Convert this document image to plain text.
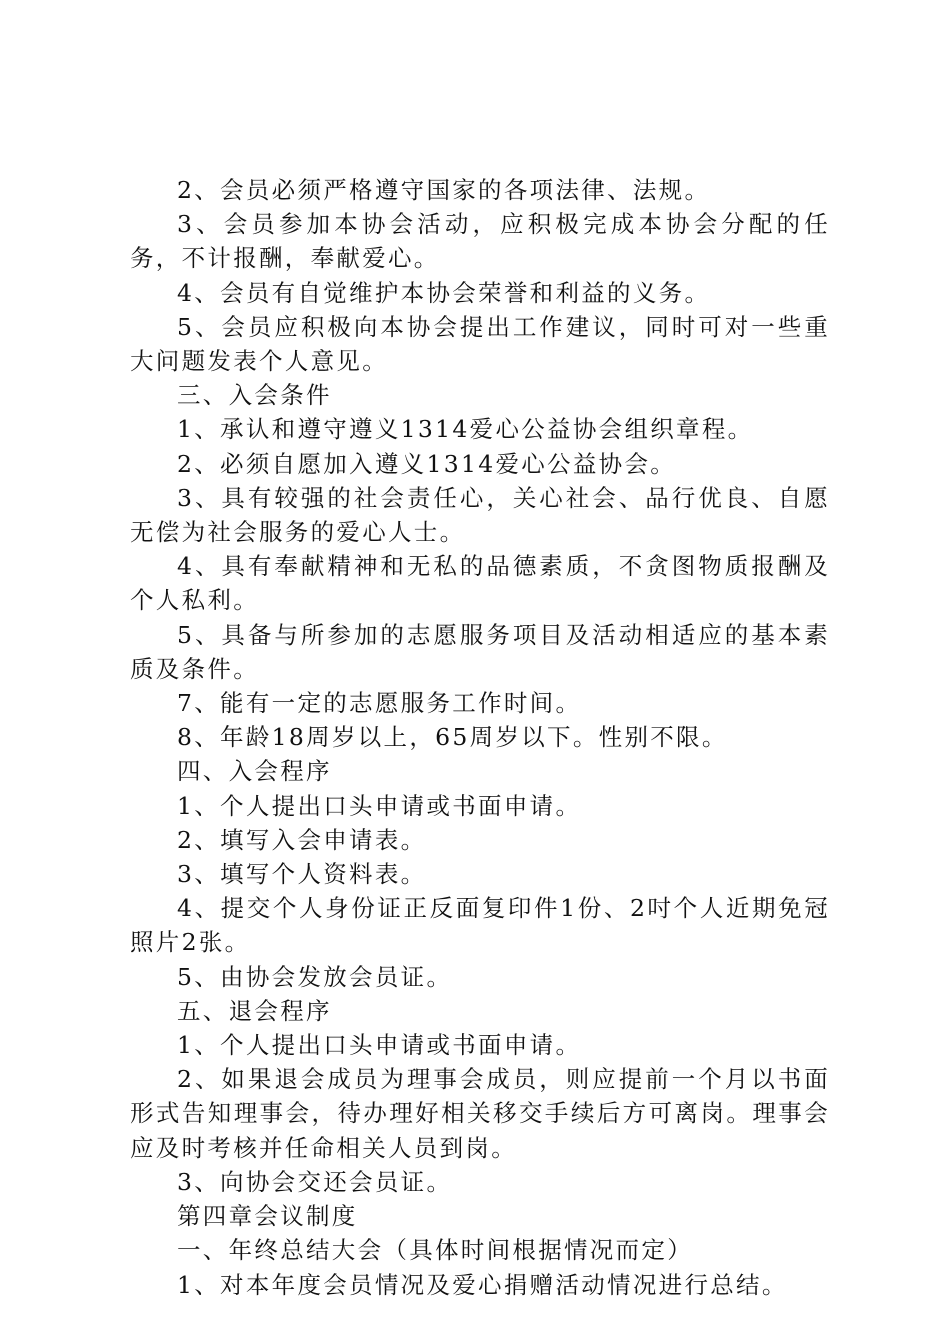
2、会员必须严格遵守国家的各项法律、法规。

3、会员参加本协会活动，应积极完成本协会分配的任务，不计报酬，奉献爱心。

4、会员有自觉维护本协会荣誉和利益的义务。

5、会员应积极向本协会提出工作建议，同时可对一些重大问题发表个人意见。

三、入会条件

1、承认和遵守遵义1314爱心公益协会组织章程。

2、必须自愿加入遵义1314爱心公益协会。

3、具有较强的社会责任心，关心社会、品行优良、自愿无偿为社会服务的爱心人士。

4、具有奉献精神和无私的品德素质，不贪图物质报酬及个人私利。

5、具备与所参加的志愿服务项目及活动相适应的基本素质及条件。

7、能有一定的志愿服务工作时间。

8、年龄18周岁以上，65周岁以下。性别不限。

四、入会程序

1、个人提出口头申请或书面申请。

2、填写入会申请表。

3、填写个人资料表。

4、提交个人身份证正反面复印件1份、2吋个人近期免冠照片2张。

5、由协会发放会员证。

五、退会程序

1、个人提出口头申请或书面申请。

2、如果退会成员为理事会成员，则应提前一个月以书面形式告知理事会，待办理好相关移交手续后方可离岗。理事会应及时考核并任命相关人员到岗。

3、向协会交还会员证。

第四章会议制度

一、年终总结大会（具体时间根据情况而定）

1、对本年度会员情况及爱心捐赠活动情况进行总结。
